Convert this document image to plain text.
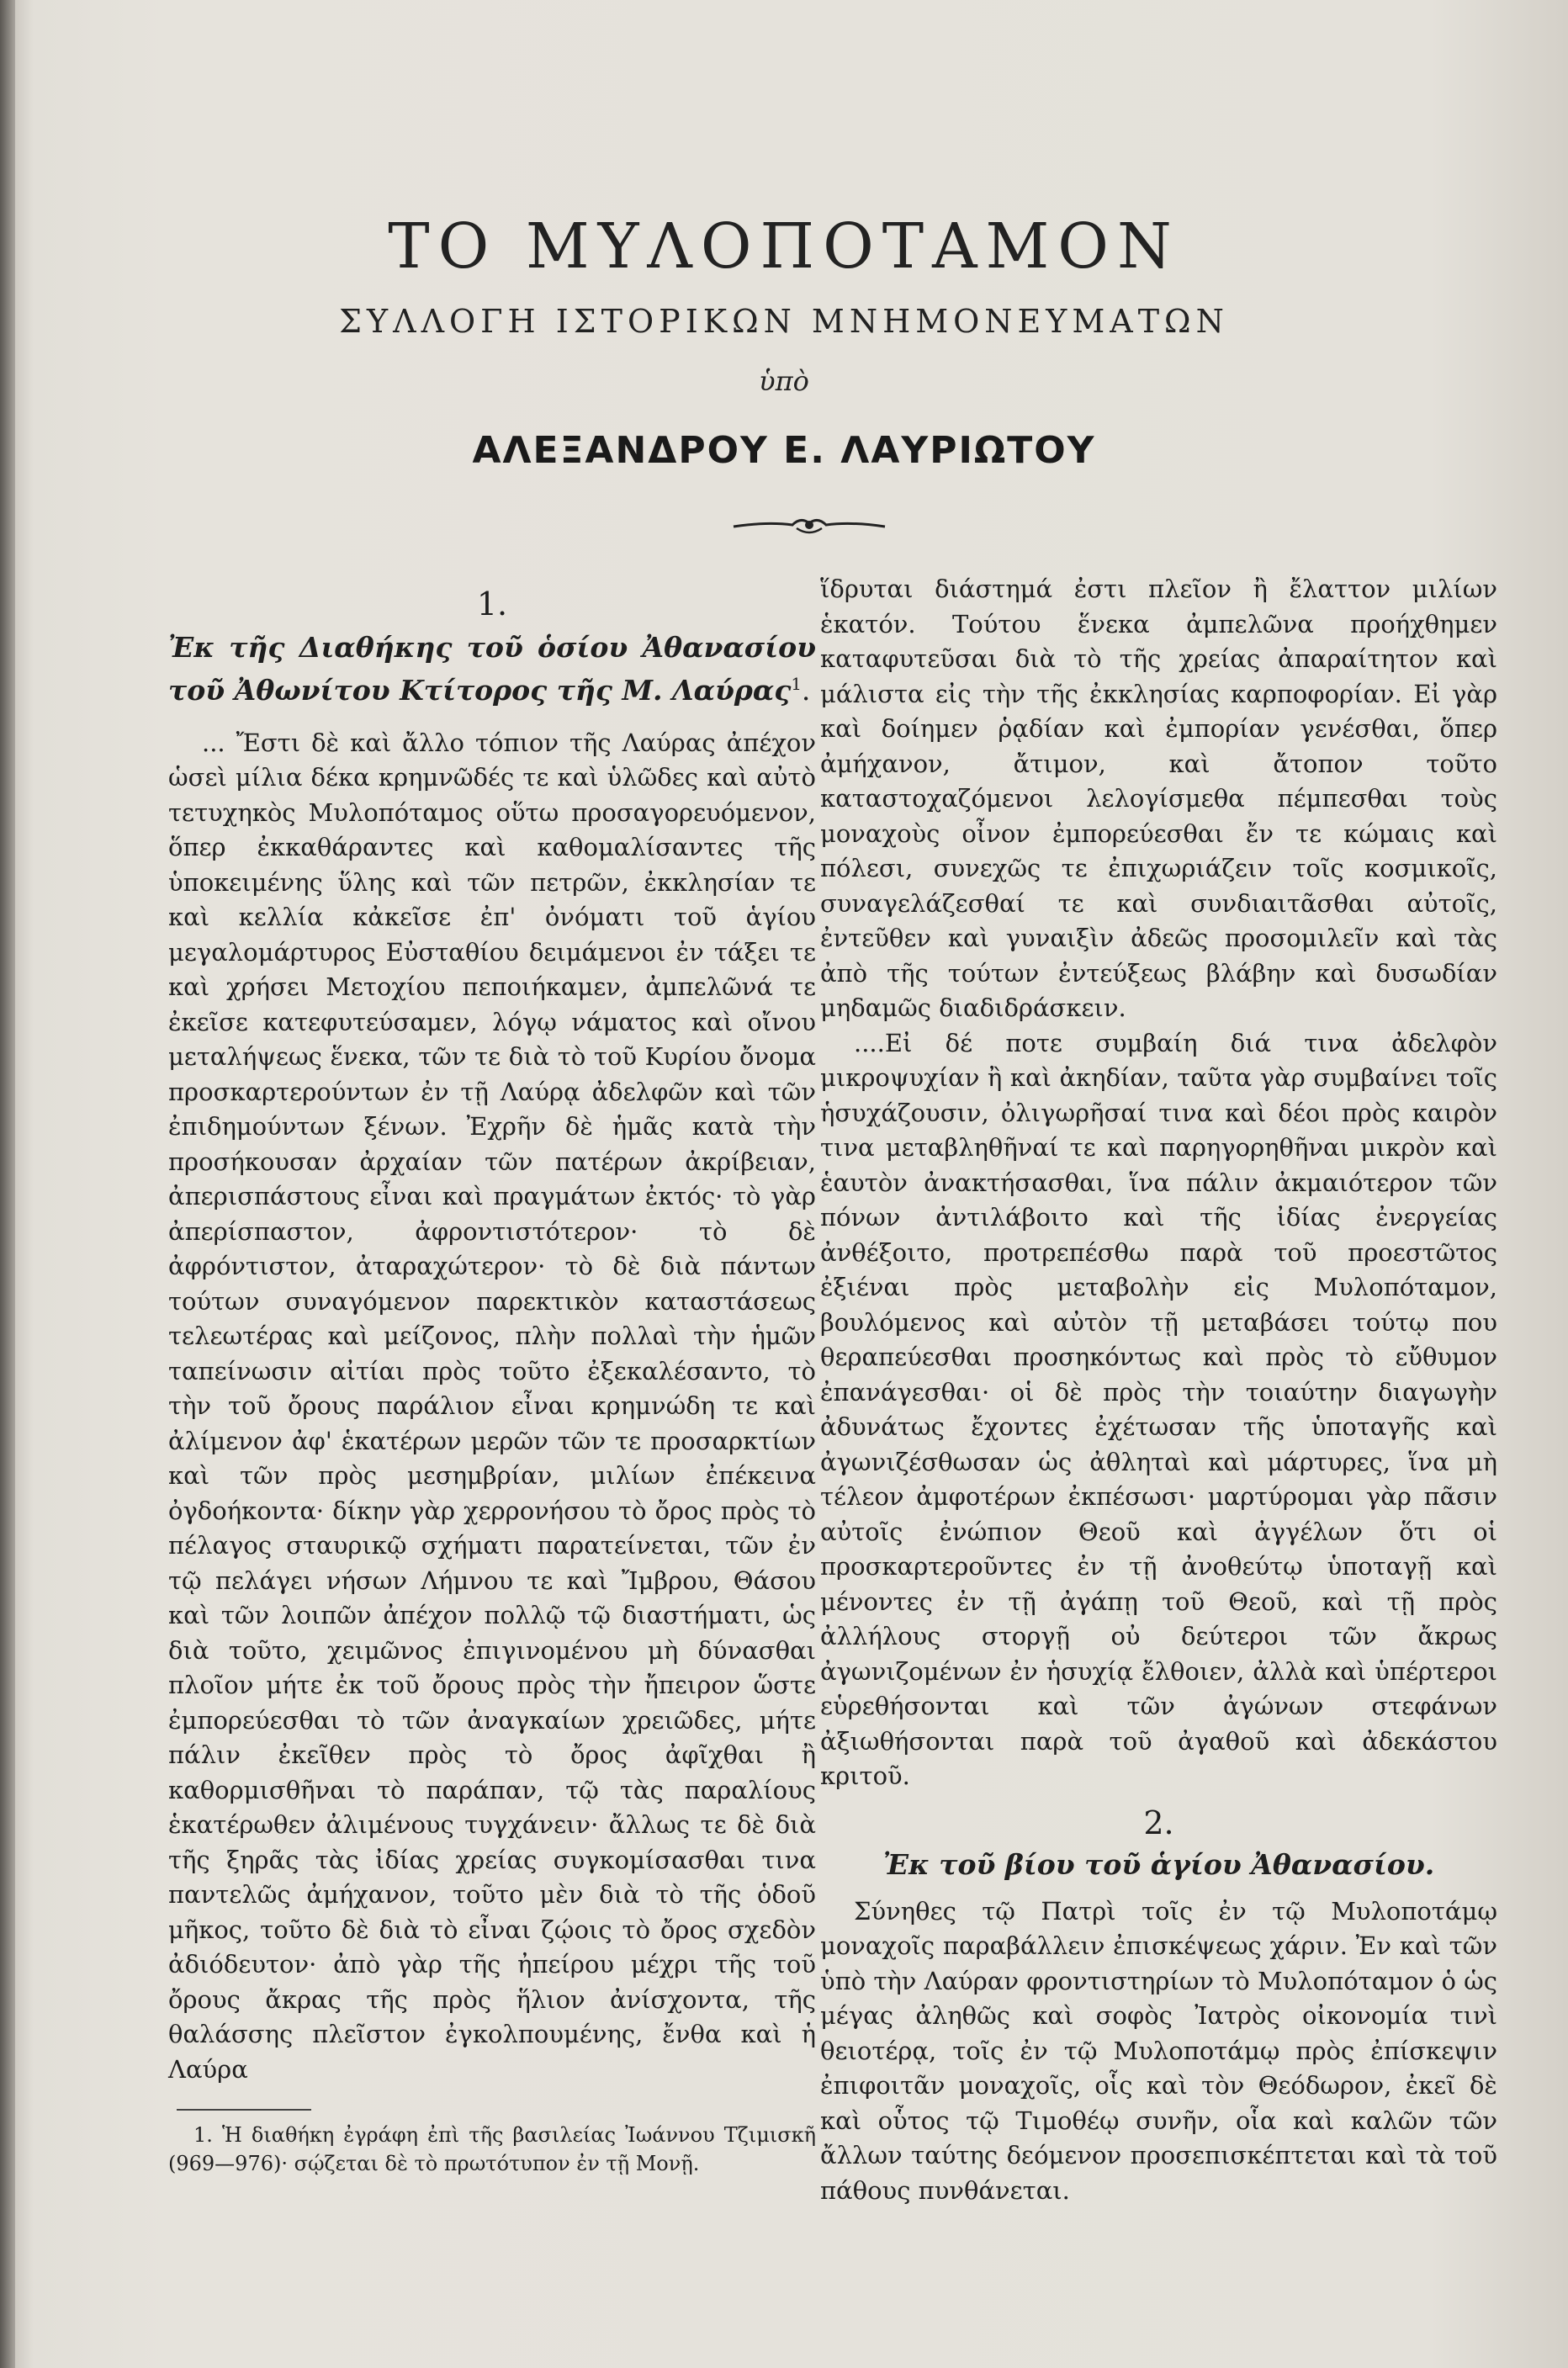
ΤΟ ΜΥΛΟΠΟΤΑΜΟΝ
ΣΥΛΛΟΓΗ ΙΣΤΟΡΙΚΩΝ ΜΝΗΜΟΝΕΥΜΑΤΩΝ
ὑπὸ
ΑΛΕΞΑΝΔΡΟΥ Ε. ΛΑΥΡΙΩΤΟΥ
1.

Ἐκ τῆς Διαθήκης τοῦ ὁσίου Ἀθανασίου τοῦ Ἀθωνίτου Κτίτορος τῆς Μ. Λαύρας$^1$.

... Ἔστι δὲ καὶ ἄλλο τόπιον τῆς Λαύρας ἀπέχον ὡσεὶ μίλια δέκα κρημνῶδές τε καὶ ὑλῶδες καὶ αὐτὸ τετυχηκὸς Μυλοπόταμος οὕτω προσαγορευόμενον, ὅπερ ἐκκαθάραντες καὶ καθομαλίσαντες τῆς ὑποκειμένης ὕλης καὶ τῶν πετρῶν, ἐκκλησίαν τε καὶ κελλία κἀκεῖσε ἐπ' ὀνόματι τοῦ ἁγίου μεγαλομάρτυρος Εὐσταθίου δειμάμενοι ἐν τάξει τε καὶ χρήσει Μετοχίου πεποιήκαμεν, ἀμπελῶνά τε ἐκεῖσε κατεφυτεύσαμεν, λόγῳ νάματος καὶ οἴνου μεταλήψεως ἕνεκα, τῶν τε διὰ τὸ τοῦ Κυρίου ὄνομα προσκαρτερούντων ἐν τῇ Λαύρᾳ ἀδελφῶν καὶ τῶν ἐπιδημούντων ξένων. Ἐχρῆν δὲ ἡμᾶς κατὰ τὴν προσήκουσαν ἀρχαίαν τῶν πατέρων ἀκρίβειαν, ἀπερισπάστους εἶναι καὶ πραγμάτων ἐκτός· τὸ γὰρ ἀπερίσπαστον, ἀφροντιστότερον· τὸ δὲ ἀφρόντιστον, ἀταραχώτερον· τὸ δὲ διὰ πάντων τούτων συναγόμενον παρεκτικὸν καταστάσεως τελεωτέρας καὶ μείζονος, πλὴν πολλαὶ τὴν ἡμῶν ταπείνωσιν αἰτίαι πρὸς τοῦτο ἐξεκαλέσαντο, τὸ τὴν τοῦ ὄρους παράλιον εἶναι κρημνώδη τε καὶ ἀλίμενον ἀφ' ἑκατέρων μερῶν τῶν τε προσαρκτίων καὶ τῶν πρὸς μεσημβρίαν, μιλίων ἐπέκεινα ὀγδοήκοντα· δίκην γὰρ χερρονήσου τὸ ὄρος πρὸς τὸ πέλαγος σταυρικῷ σχήματι παρατείνεται, τῶν ἐν τῷ πελάγει νήσων Λήμνου τε καὶ Ἴμβρου, Θάσου καὶ τῶν λοιπῶν ἀπέχον πολλῷ τῷ διαστήματι, ὡς διὰ τοῦτο, χειμῶνος ἐπιγινομένου μὴ δύνασθαι πλοῖον μήτε ἐκ τοῦ ὄρους πρὸς τὴν ἤπειρον ὥστε ἐμπορεύεσθαι τὸ τῶν ἀναγκαίων χρειῶδες, μήτε πάλιν ἐκεῖθεν πρὸς τὸ ὄρος ἀφῖχθαι ἢ καθορμισθῆναι τὸ παράπαν, τῷ τὰς παραλίους ἑκατέρωθεν ἀλιμένους τυγχάνειν· ἄλλως τε δὲ διὰ τῆς ξηρᾶς τὰς ἰδίας χρείας συγκομίσασθαι τινα παντελῶς ἀμήχανον, τοῦτο μὲν διὰ τὸ τῆς ὁδοῦ μῆκος, τοῦτο δὲ διὰ τὸ εἶναι ζῴοις τὸ ὄρος σχεδὸν ἀδιόδευτον· ἀπὸ γὰρ τῆς ἠπείρου μέχρι τῆς τοῦ ὄρους ἄκρας τῆς πρὸς ἥλιον ἀνίσχοντα, τῆς θαλάσσης πλεῖστον ἐγκολπουμένης, ἔνθα καὶ ἡ Λαύρα

1. Ἡ διαθήκη ἐγράφη ἐπὶ τῆς βασιλείας Ἰωάννου Τζιμισκῆ (969—976)· σῴζεται δὲ τὸ πρωτότυπον ἐν τῇ Μονῇ.

ἵδρυται διάστημά ἐστι πλεῖον ἢ ἔλαττον μιλίων ἑκατόν. Τούτου ἕνεκα ἀμπελῶνα προήχθημεν καταφυτεῦσαι διὰ τὸ τῆς χρείας ἀπαραίτητον καὶ μάλιστα εἰς τὴν τῆς ἐκκλησίας καρποφορίαν. Εἰ γὰρ καὶ δοίημεν ῥᾳδίαν καὶ ἐμπορίαν γενέσθαι, ὅπερ ἀμήχανον, ἄτιμον, καὶ ἄτοπον τοῦτο καταστοχαζόμενοι λελογίσμεθα πέμπεσθαι τοὺς μοναχοὺς οἶνον ἐμπορεύεσθαι ἔν τε κώμαις καὶ πόλεσι, συνεχῶς τε ἐπιχωριάζειν τοῖς κοσμικοῖς, συναγελάζεσθαί τε καὶ συνδιαιτᾶσθαι αὐτοῖς, ἐντεῦθεν καὶ γυναιξὶν ἀδεῶς προσομιλεῖν καὶ τὰς ἀπὸ τῆς τούτων ἐντεύξεως βλάβην καὶ δυσωδίαν μηδαμῶς διαδιδράσκειν.

....Εἰ δέ ποτε συμβαίη διά τινα ἀδελφὸν μικροψυχίαν ἢ καὶ ἀκηδίαν, ταῦτα γὰρ συμβαίνει τοῖς ἡσυχάζουσιν, ὀλιγωρῆσαί τινα καὶ δέοι πρὸς καιρὸν τινα μεταβληθῆναί τε καὶ παρηγορηθῆναι μικρὸν καὶ ἑαυτὸν ἀνακτήσασθαι, ἵνα πάλιν ἀκμαιότερον τῶν πόνων ἀντιλάβοιτο καὶ τῆς ἰδίας ἐνεργείας ἀνθέξοιτο, προτρεπέσθω παρὰ τοῦ προεστῶτος ἐξιέναι πρὸς μεταβολὴν εἰς Μυλοπόταμον, βουλόμενος καὶ αὐτὸν τῇ μεταβάσει τούτῳ που θεραπεύεσθαι προσηκόντως καὶ πρὸς τὸ εὔθυμον ἐπανάγεσθαι· οἱ δὲ πρὸς τὴν τοιαύτην διαγωγὴν ἀδυνάτως ἔχοντες ἐχέτωσαν τῆς ὑποταγῆς καὶ ἀγωνιζέσθωσαν ὡς ἀθληταὶ καὶ μάρτυρες, ἵνα μὴ τέλεον ἀμφοτέρων ἐκπέσωσι· μαρτύρομαι γὰρ πᾶσιν αὐτοῖς ἐνώπιον Θεοῦ καὶ ἀγγέλων ὅτι οἱ προσκαρτεροῦντες ἐν τῇ ἀνοθεύτῳ ὑποταγῇ καὶ μένοντες ἐν τῇ ἀγάπῃ τοῦ Θεοῦ, καὶ τῇ πρὸς ἀλλήλους στοργῇ οὐ δεύτεροι τῶν ἄκρως ἀγωνιζομένων ἐν ἡσυχίᾳ ἔλθοιεν, ἀλλὰ καὶ ὑπέρτεροι εὑρεθήσονται καὶ τῶν ἀγώνων στεφάνων ἀξιωθήσονται παρὰ τοῦ ἀγαθοῦ καὶ ἀδεκάστου κριτοῦ.

2.
Ἐκ τοῦ βίου τοῦ ἁγίου Ἀθανασίου.

Σύνηθες τῷ Πατρὶ τοῖς ἐν τῷ Μυλοποτάμῳ μοναχοῖς παραβάλλειν ἐπισκέψεως χάριν. Ἐν καὶ τῶν ὑπὸ τὴν Λαύραν φροντιστηρίων τὸ Μυλοπόταμον ὁ ὡς μέγας ἀληθῶς καὶ σοφὸς Ἰατρὸς οἰκονομία τινὶ θειοτέρᾳ, τοῖς ἐν τῷ Μυλοποτάμῳ πρὸς ἐπίσκεψιν ἐπιφοιτᾶν μοναχοῖς, οἷς καὶ τὸν Θεόδωρον, ἐκεῖ δὲ καὶ οὗτος τῷ Τιμοθέῳ συνῆν, οἷα καὶ καλῶν τῶν ἄλλων ταύτης δεόμενον προσεπισκέπτεται καὶ τὰ τοῦ πάθους πυνθάνεται.
